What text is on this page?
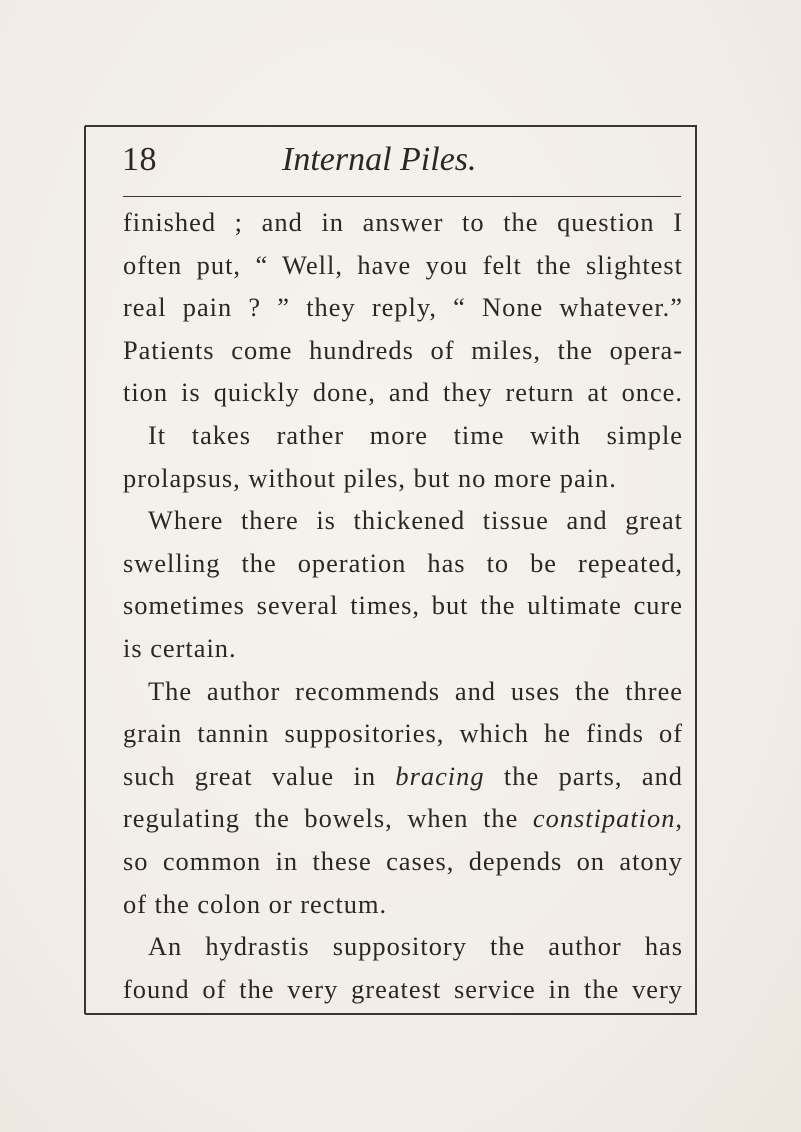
18	Internal Piles.
finished ; and in answer to the question I
often put, “ Well, have you felt the slightest
real pain ? ” they reply, “ None whatever.”
Patients come hundreds of miles, the opera-
tion is quickly done, and they return at once.
It takes rather more time with simple
prolapsus, without piles, but no more pain.
Where there is thickened tissue and great
swelling the operation has to be repeated,
sometimes several times, but the ultimate cure
is certain.
The author recommends and uses the three
grain tannin suppositories, which he finds of
such great value in bracing the parts, and
regulating the bowels, when the constipation,
so common in these cases, depends on atony
of the colon or rectum.
An hydrastis suppository the author has
found of the very greatest service in the very
